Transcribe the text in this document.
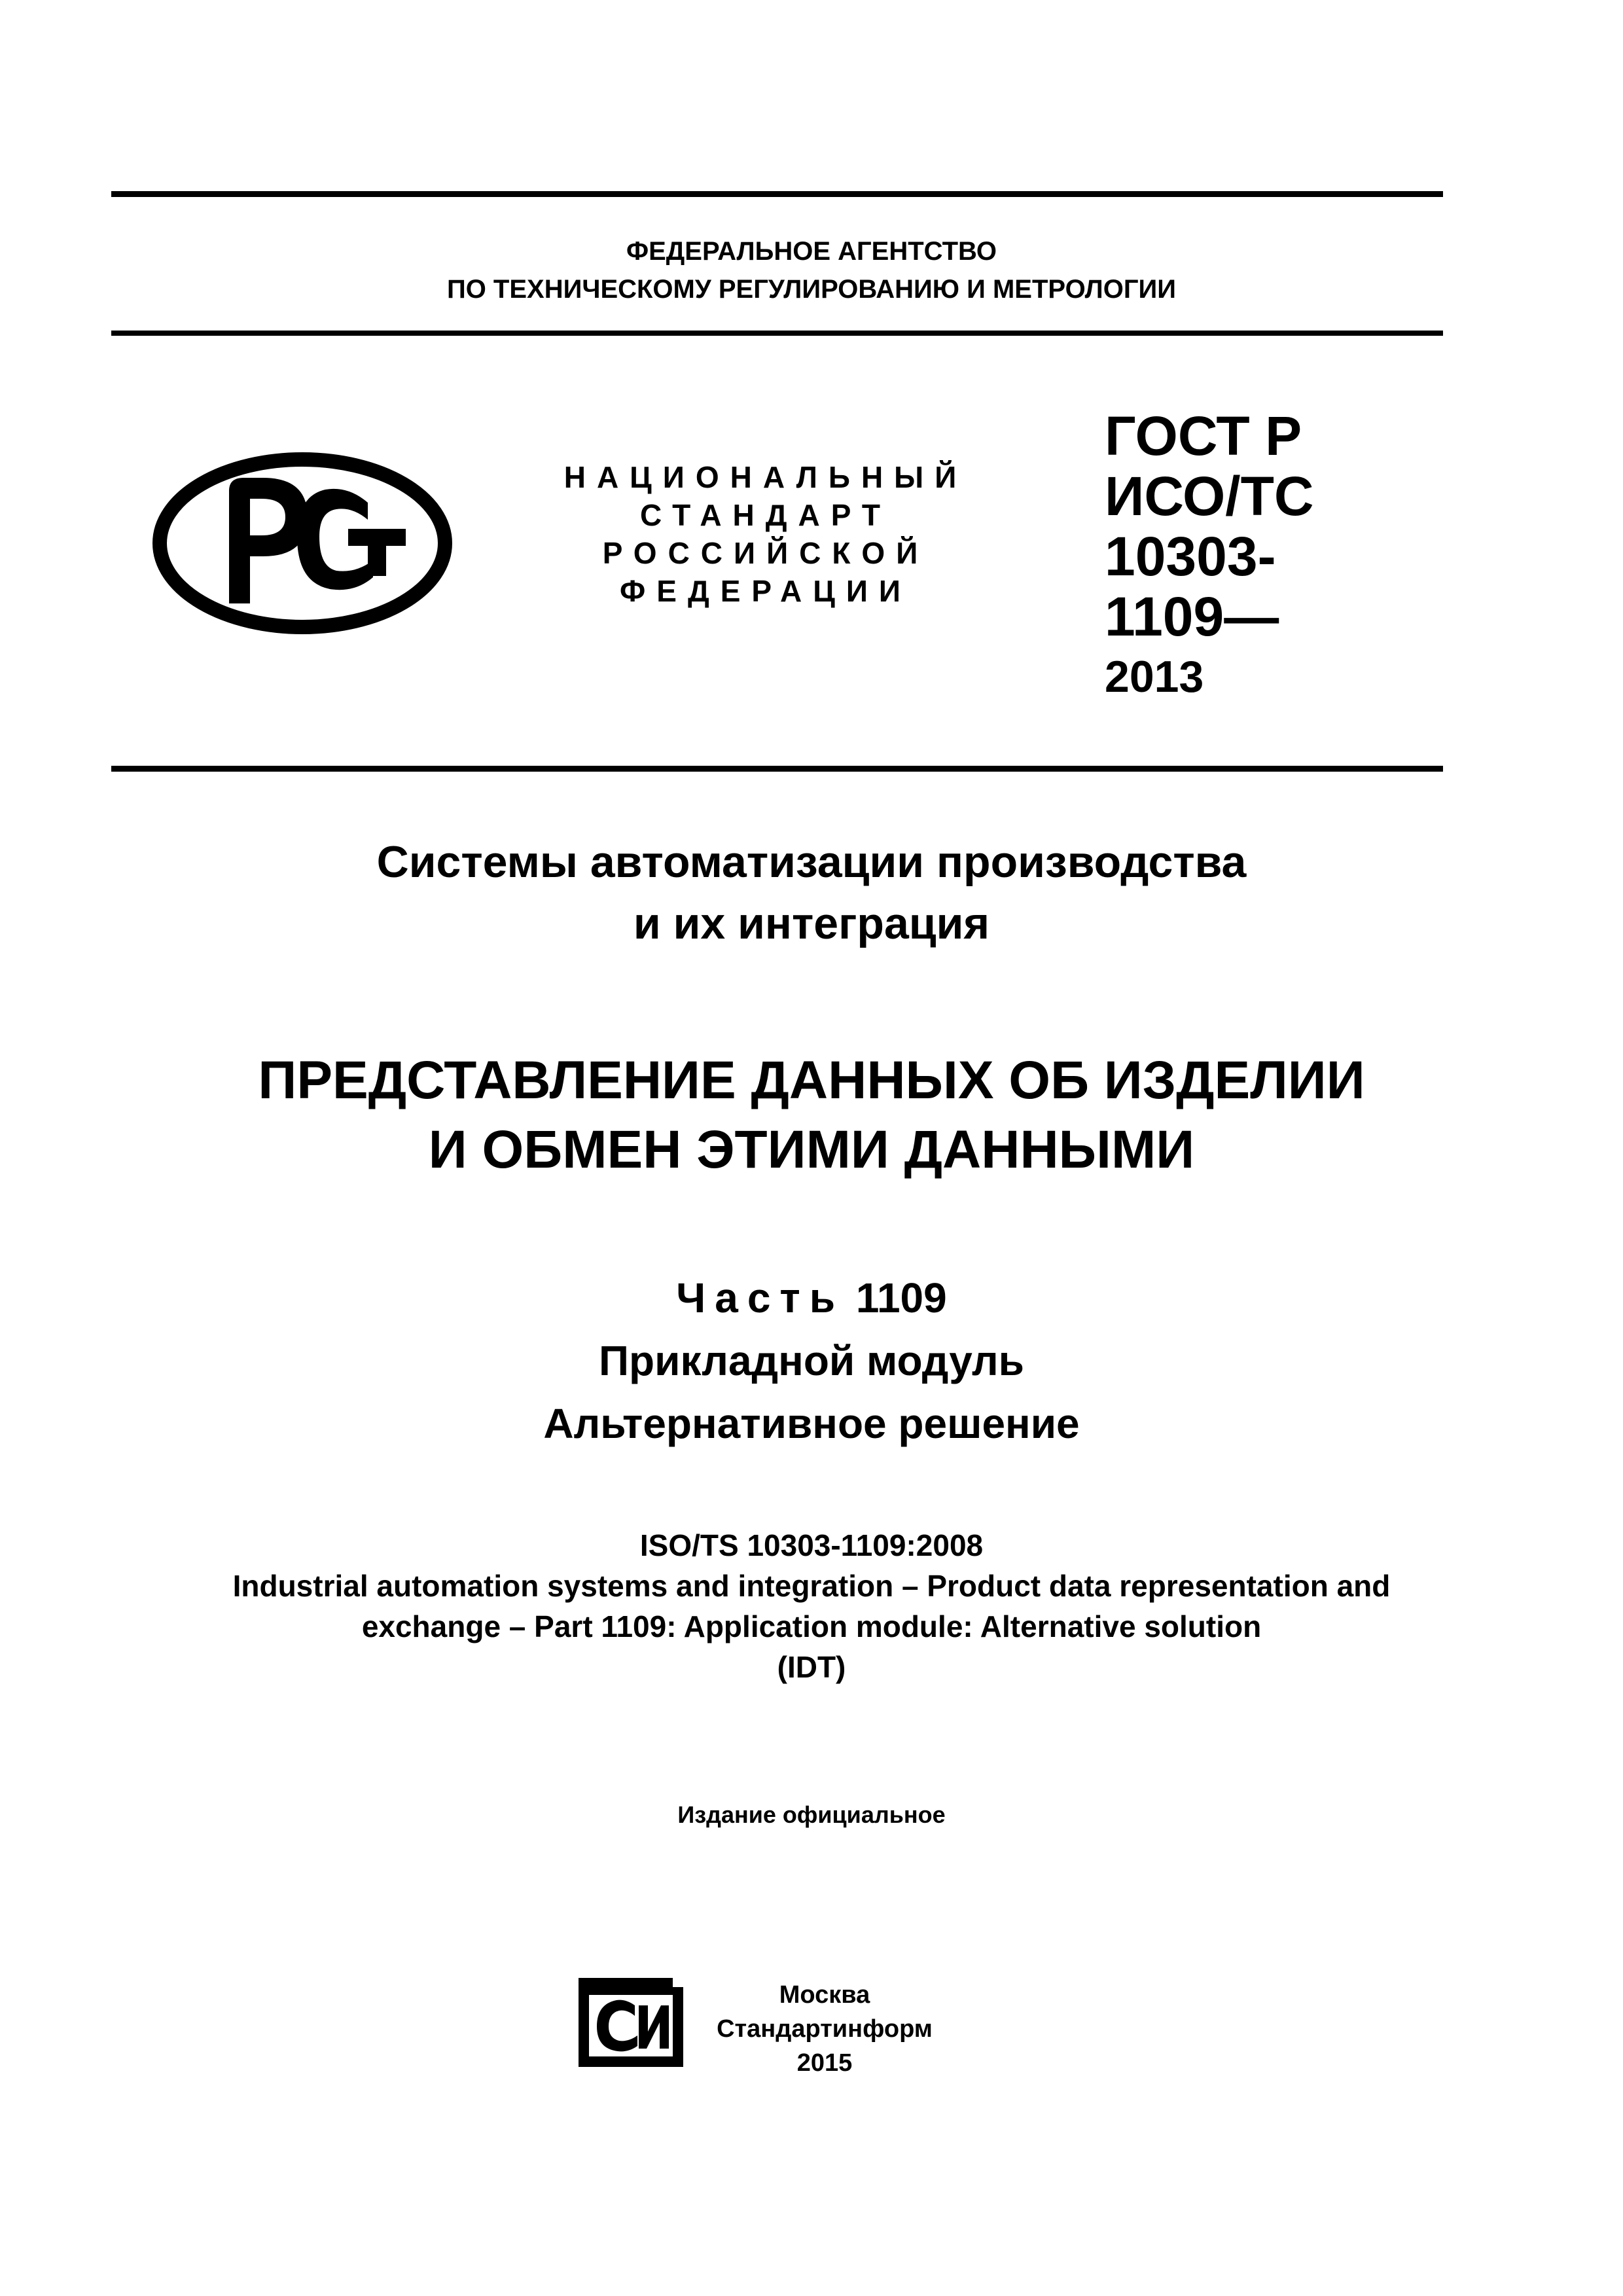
ФЕДЕРАЛЬНОЕ АГЕНТСТВО
ПО ТЕХНИЧЕСКОМУ РЕГУЛИРОВАНИЮ И МЕТРОЛОГИИ
НАЦИОНАЛЬНЫЙ
СТАНДАРТ
РОССИЙСКОЙ
ФЕДЕРАЦИИ
ГОСТ Р
ИСО/ТС
10303-
1109—
2013
Системы автоматизации производства
и их интеграция
ПРЕДСТАВЛЕНИЕ ДАННЫХ ОБ ИЗДЕЛИИ
И ОБМЕН ЭТИМИ ДАННЫМИ
Часть 1109
Прикладной модуль
Альтернативное решение
ISO/TS 10303-1109:2008
Industrial automation systems and integration – Product data representation and
exchange – Part 1109: Application module: Alternative solution
(IDT)
Издание официальное
Москва
Стандартинформ
2015
